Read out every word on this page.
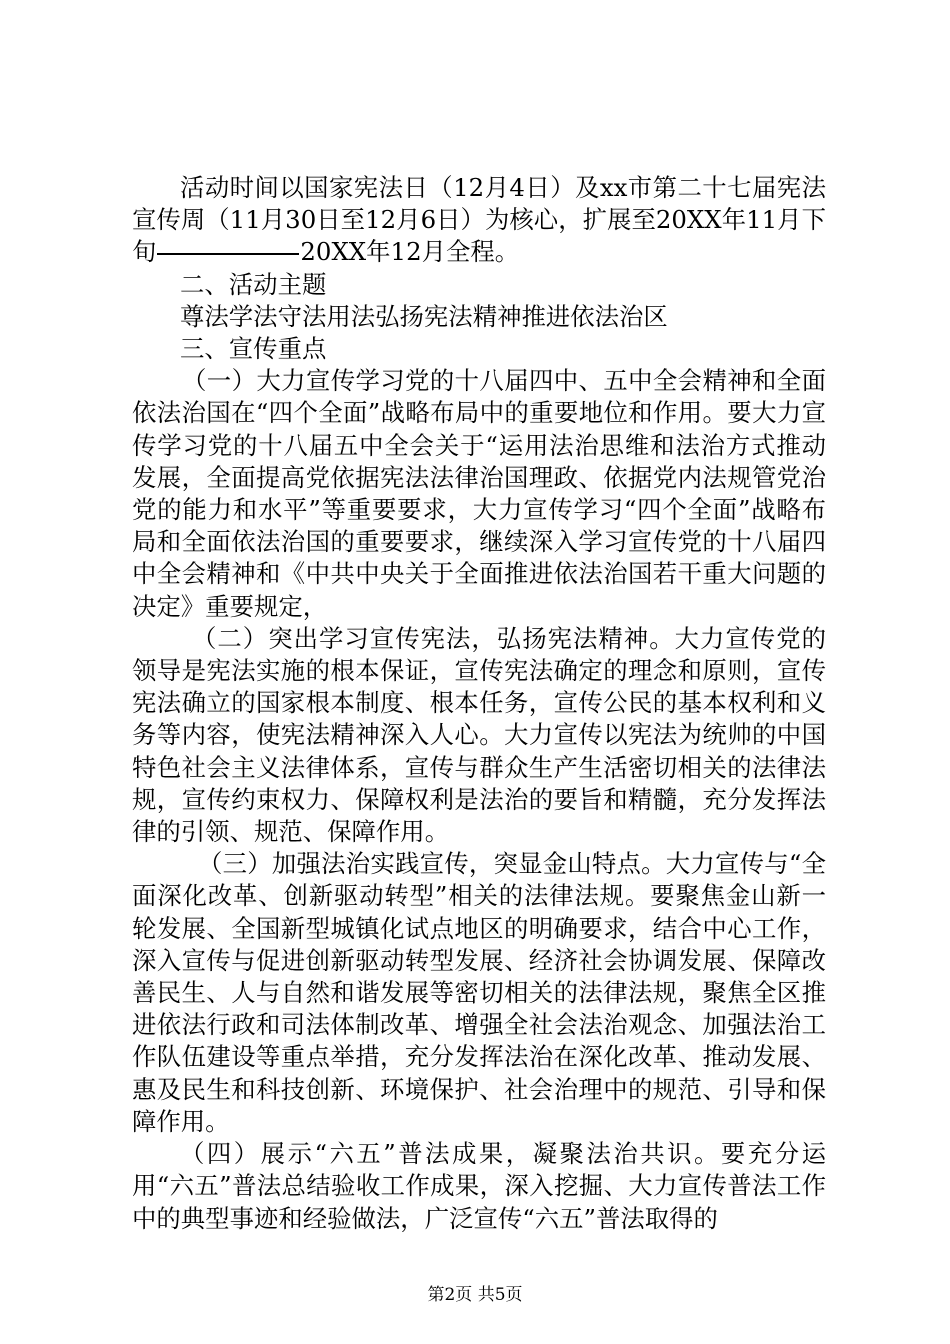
活动时间以国家宪法日（12月4日）及xx市第二十七届宪法宣传周（11月30日至12月6日）为核心，扩展至20XX年11月下旬	20XX年12月全程。

二、活动主题

尊法学法守法用法弘扬宪法精神推进依法治区

三、宣传重点

（一）大力宣传学习党的十八届四中、五中全会精神和全面依法治国在“四个全面”战略布局中的重要地位和作用。要大力宣传学习党的十八届五中全会关于“运用法治思维和法治方式推动发展，全面提高党依据宪法法律治国理政、依据党内法规管党治党的能力和水平”等重要要求，大力宣传学习“四个全面”战略布局和全面依法治国的重要要求，继续深入学习宣传党的十八届四中全会精神和《中共中央关于全面推进依法治国若干重大问题的决定》重要规定，

（二）突出学习宣传宪法，弘扬宪法精神。大力宣传党的领导是宪法实施的根本保证，宣传宪法确定的理念和原则，宣传宪法确立的国家根本制度、根本任务，宣传公民的基本权利和义务等内容，使宪法精神深入人心。大力宣传以宪法为统帅的中国特色社会主义法律体系，宣传与群众生产生活密切相关的法律法规，宣传约束权力、保障权利是法治的要旨和精髓，充分发挥法律的引领、规范、保障作用。

（三）加强法治实践宣传，突显金山特点。大力宣传与“全面深化改革、创新驱动转型”相关的法律法规。要聚焦金山新一轮发展、全国新型城镇化试点地区的明确要求，结合中心工作，深入宣传与促进创新驱动转型发展、经济社会协调发展、保障改善民生、人与自然和谐发展等密切相关的法律法规，聚焦全区推进依法行政和司法体制改革、增强全社会法治观念、加强法治工作队伍建设等重点举措，充分发挥法治在深化改革、推动发展、惠及民生和科技创新、环境保护、社会治理中的规范、引导和保障作用。

（四）展示“六五”普法成果，凝聚法治共识。要充分运用“六五”普法总结验收工作成果，深入挖掘、大力宣传普法工作中的典型事迹和经验做法，广泛宣传“六五”普法取得的

第2页 共5页
